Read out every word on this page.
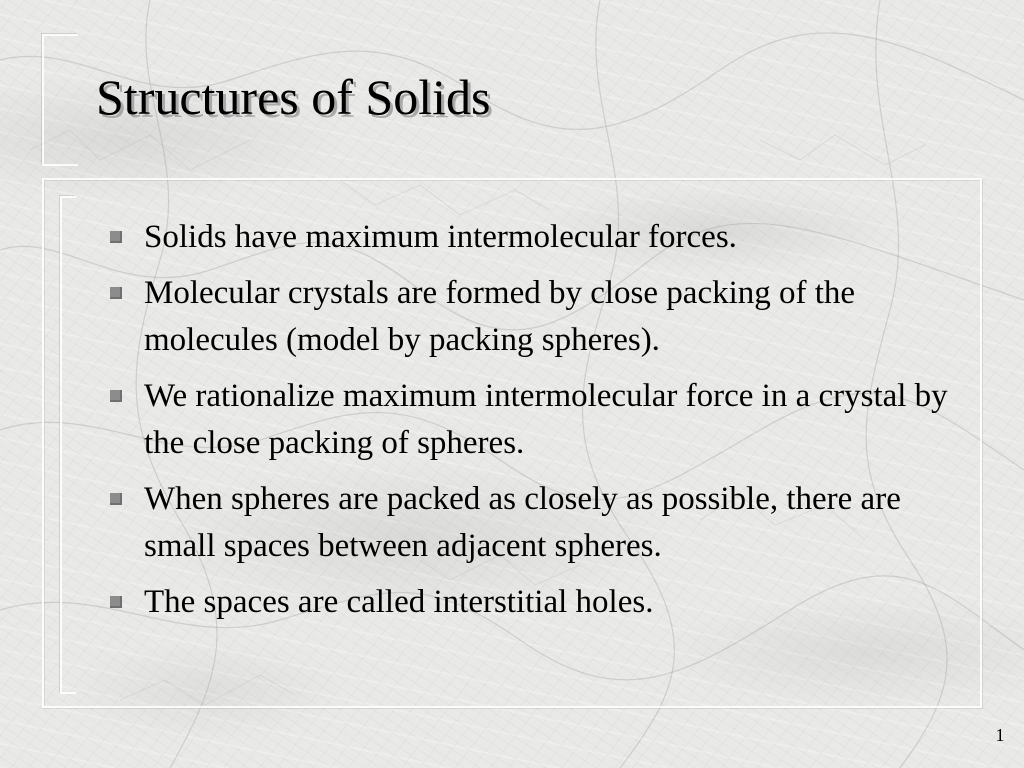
Structures of Solids
Solids have maximum intermolecular forces.
Molecular crystals are formed by close packing of the molecules (model by packing spheres).
We rationalize maximum intermolecular force in a crystal by the close packing of spheres.
When spheres are packed as closely as possible, there are small spaces between adjacent spheres.
The spaces are called interstitial holes.
1
